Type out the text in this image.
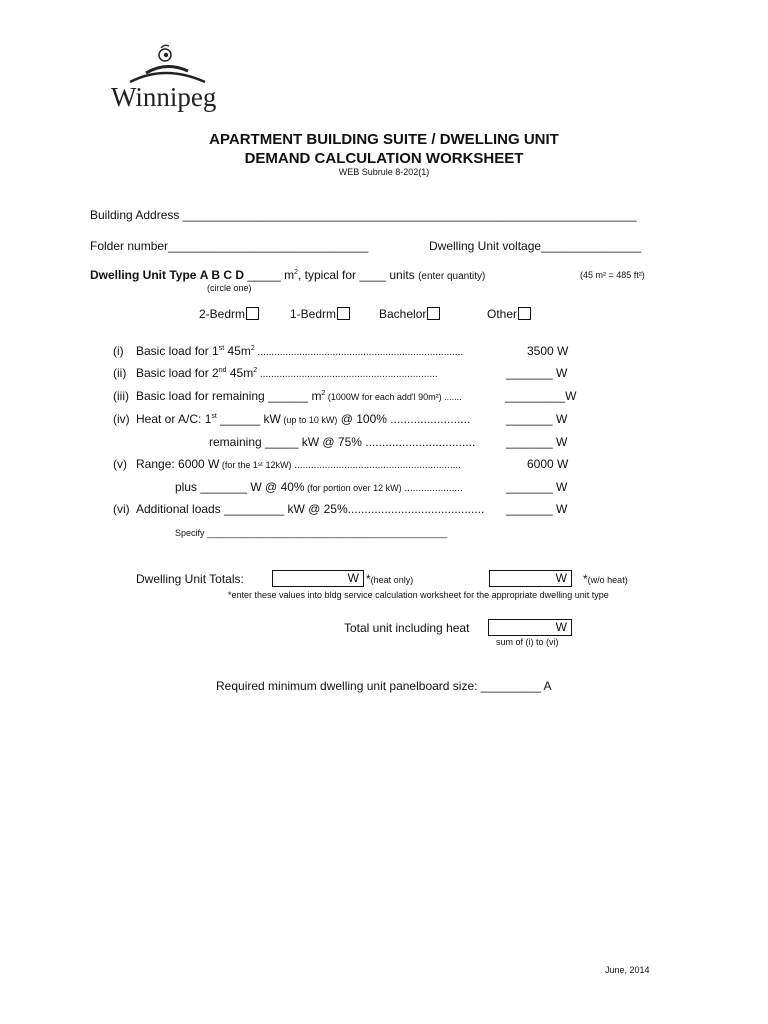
Winnipeg
APARTMENT BUILDING SUITE / DWELLING UNIT
DEMAND CALCULATION WORKSHEET
WEB Subrule 8-202(1)
Building Address ____________________________________________________________________
Folder number______________________________	Dwelling Unit voltage_______________
Dwelling Unit Type A B C D _____ $m^2$, typical for ____ units (enter quantity)	(45 m² = 485 ft²)
(circle one)
2-Bedrm	1-Bedrm	Bachelor	Other
(i) Basic load for 1st $45m^2$ ..........................................................................	3500 W
(ii) Basic load for 2nd $45m^2$ ................................................................	_______ W
(iii) Basic load for remaining ______ $m^2$ (1000W for each add'l 90m²) .......	_________W
(iv) Heat or A/C: 1st ______ kW (up to 10 kW) @ 100% ........................	_______ W
remaining _____ kW @ 75% .................................	_______ W
(v) Range: 6000 W (for the 1ˢᵗ 12kW) ............................................................	6000 W
plus _______ W @ 40% (for portion over 12 kW) .....................	_______ W
(vi) Additional loads _________ kW @ 25%......................................... _______ W
Specify ________________________________________________
Dwelling Unit Totals:	W *(heat only)	W *(w/o heat)
*enter these values into bldg service calculation worksheet for the appropriate dwelling unit type
Total unit including heat	W
sum of (i) to (vi)
Required minimum dwelling unit panelboard size: _________ A
June, 2014
